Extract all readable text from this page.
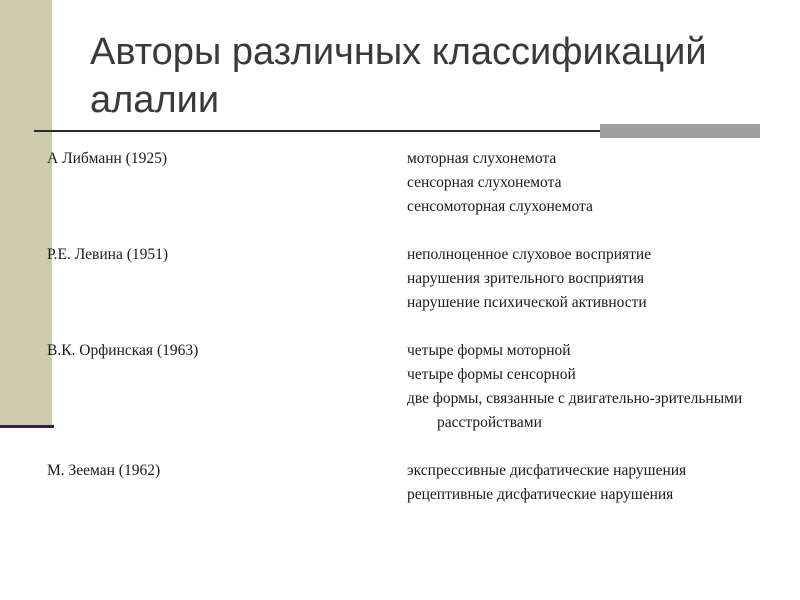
Авторы различных классификаций
алалии
А Либманн (1925)	моторная слухонемота
сенсорная слухонемота
сенсомоторная слухонемота
Р.Е. Левина (1951)	неполноценное слуховое восприятие
нарушения зрительного восприятия
нарушение психической активности
В.К. Орфинская (1963)	четыре формы моторной
четыре формы сенсорной
две формы, связанные с двигательно-зрительными расстройствами
М. Зееман (1962)	экспрессивные дисфатические нарушения
рецептивные дисфатические нарушения
